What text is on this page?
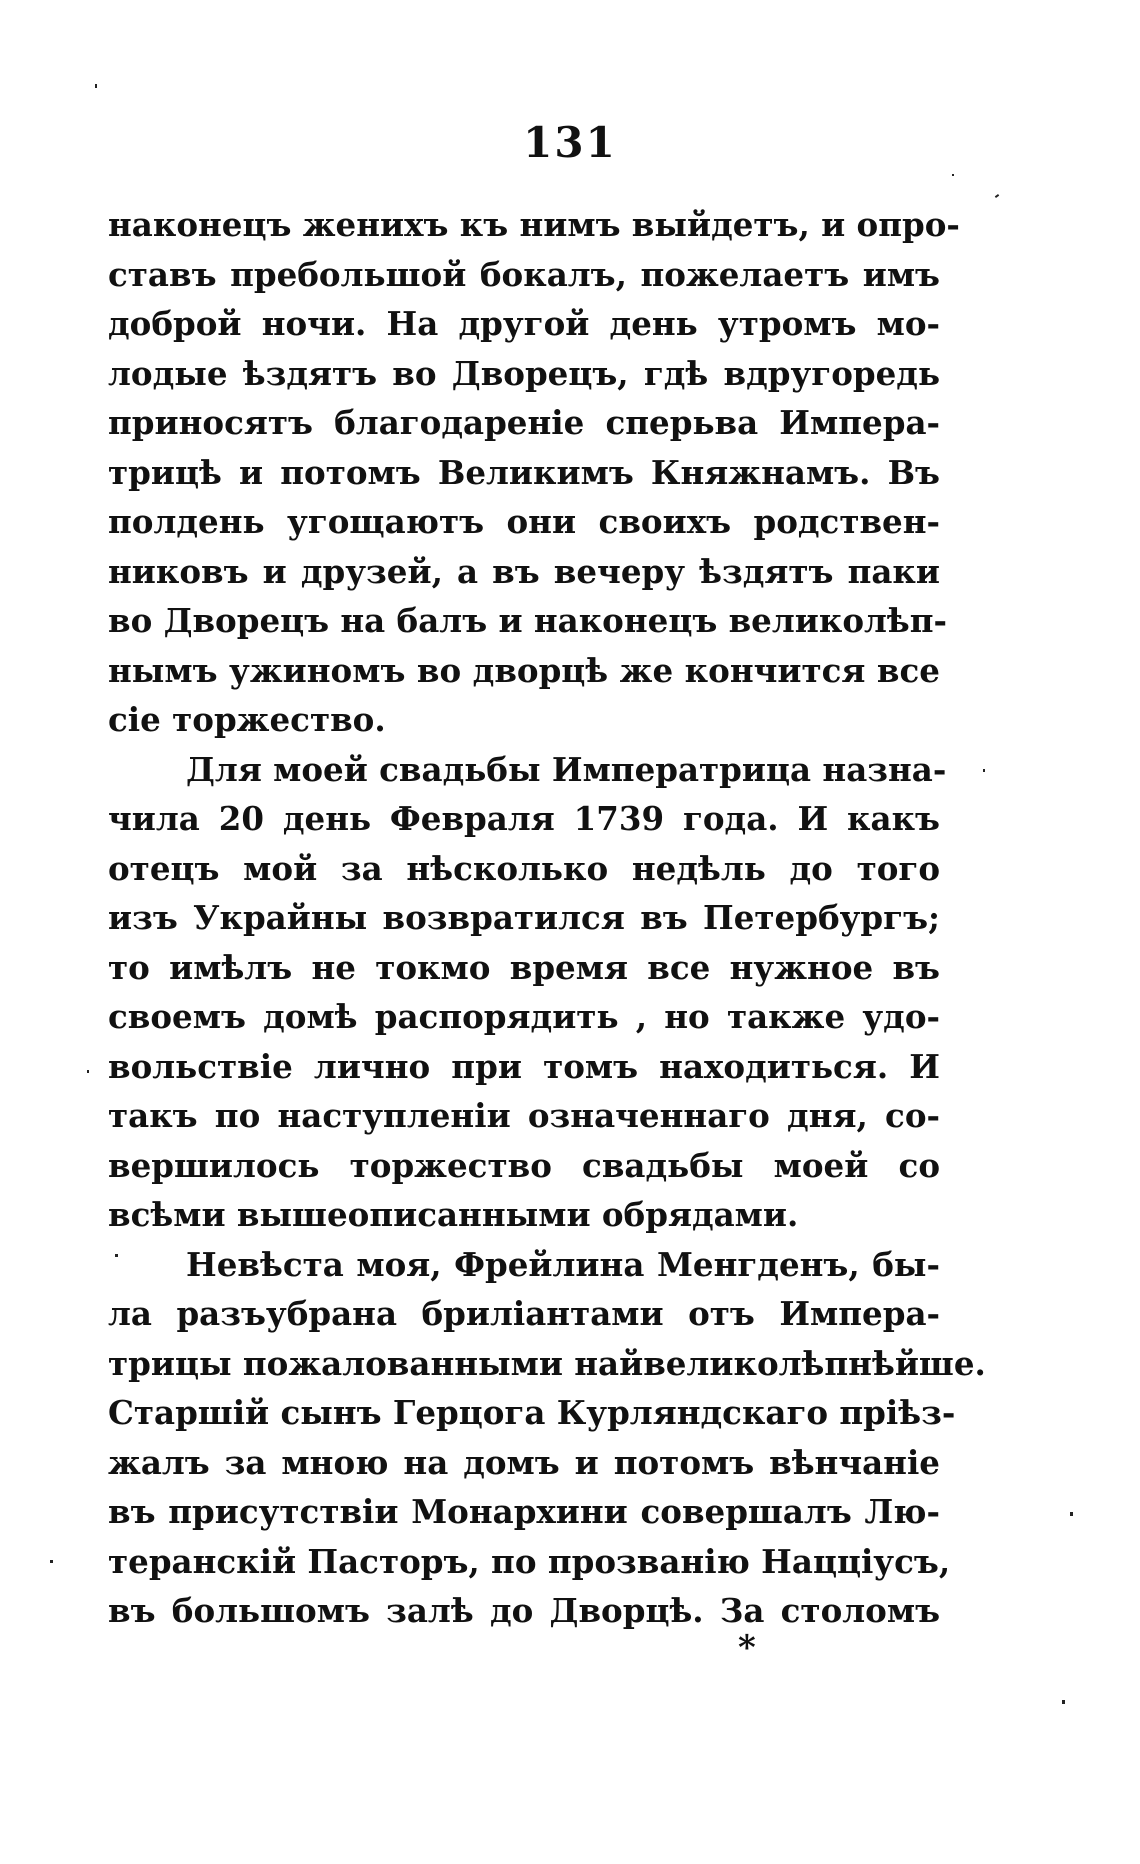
131
наконецъ женихъ къ нимъ выйдетъ, и опро-
ставъ пребольшой бокалъ, пожелаетъ имъ
доброй ночи. На другой день утромъ мо-
лодые ѣздятъ во Дворецъ, гдѣ вдругоредь
приносятъ благодареніе сперьва Импера-
трицѣ и потомъ Великимъ Княжнамъ. Въ
полдень угощаютъ они своихъ родствен-
никовъ и друзей, а въ вечеру ѣздятъ паки
во Дворецъ на балъ и наконецъ великолѣп-
нымъ ужиномъ во дворцѣ же кончится все
сіе торжество.
Для моей свадьбы Императрица назна-
чила 20 день Февраля 1739 года. И какъ
отецъ мой за нѣсколько недѣль до того
изъ Украйны возвратился въ Петербургъ;
то имѣлъ не токмо время все нужное въ
своемъ домѣ распорядить , но также удо-
вольствіе лично при томъ находиться. И
такъ по наступленіи означеннаго дня, со-
вершилось торжество свадьбы моей со
всѣми вышеописанными обрядами.
Невѣста моя, Фрейлина Менгденъ, бы-
ла разъубрана бриліантами отъ Импера-
трицы пожалованными найвеликолѣпнѣйше.
Старшій сынъ Герцога Курляндскаго пріѣз-
жалъ за мною на домъ и потомъ вѣнчаніе
въ присутствіи Монархини совершалъ Лю-
теранскій Пасторъ, по прозванію Нацціусъ,
въ большомъ залѣ до Дворцѣ. За столомъ
*
